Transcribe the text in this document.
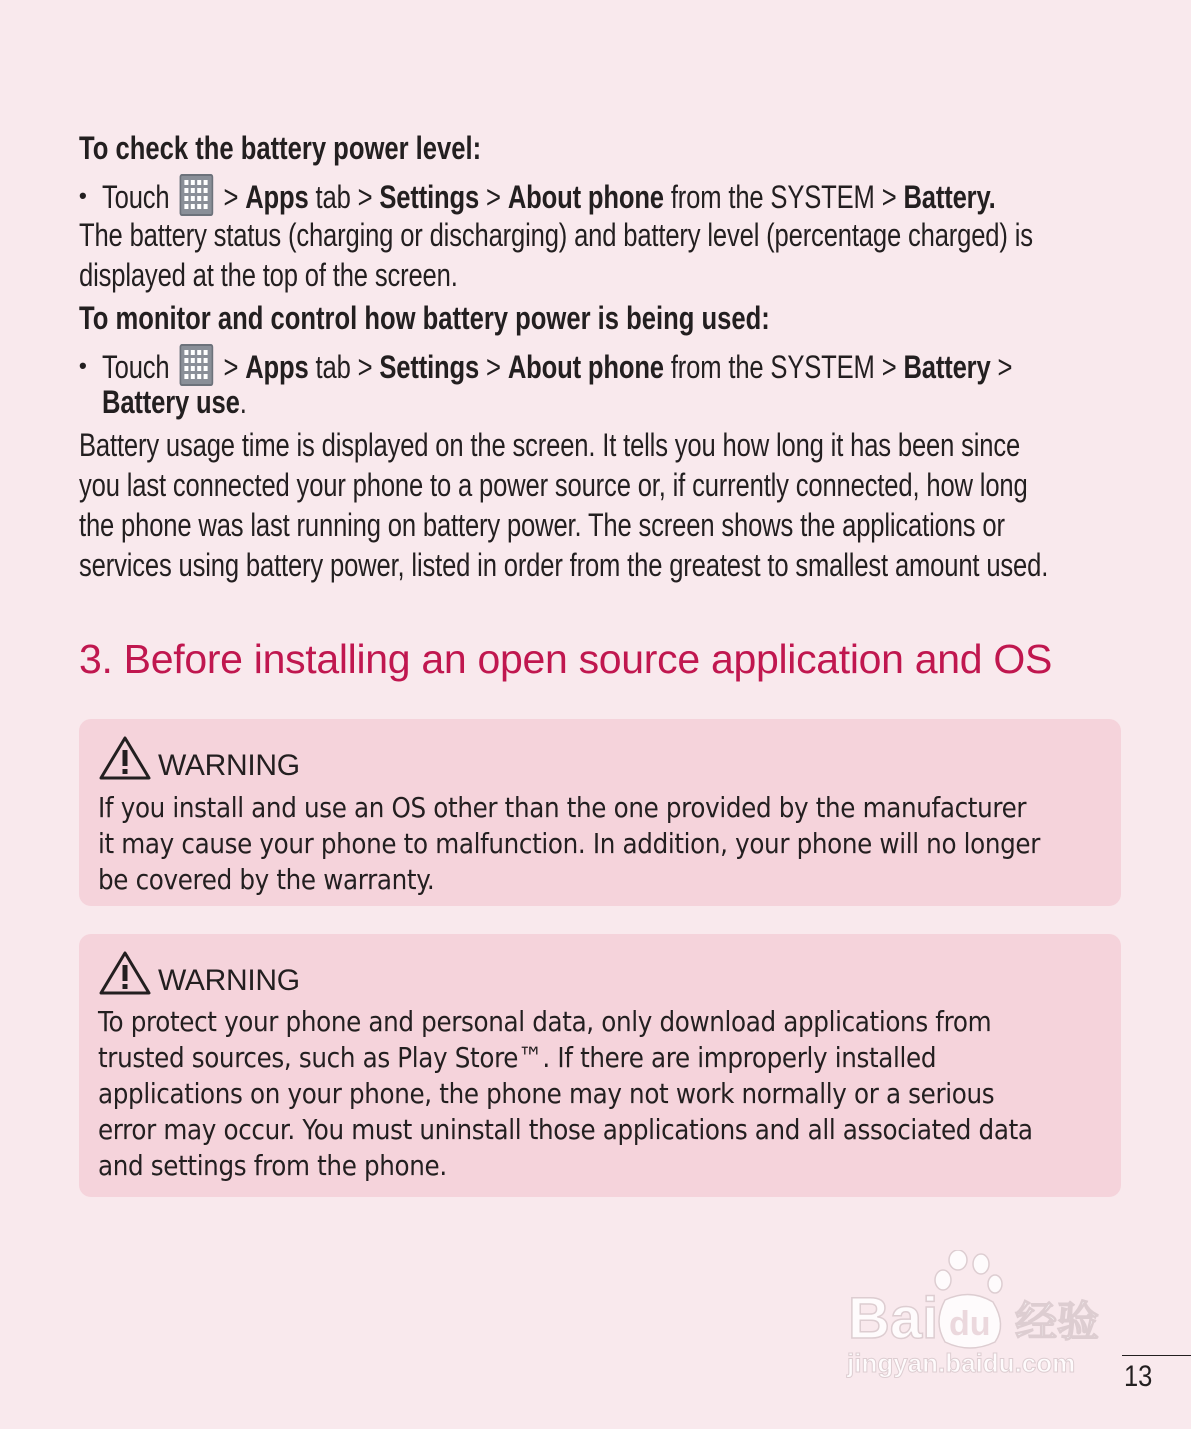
To check the battery power level:
• Touch > Apps tab > Settings > About phone from the SYSTEM > Battery.
The battery status (charging or discharging) and battery level (percentage charged) is
displayed at the top of the screen.
To monitor and control how battery power is being used:
• Touch > Apps tab > Settings > About phone from the SYSTEM > Battery >
Battery use.
Battery usage time is displayed on the screen. It tells you how long it has been since
you last connected your phone to a power source or, if currently connected, how long
the phone was last running on battery power. The screen shows the applications or
services using battery power, listed in order from the greatest to smallest amount used.
3. Before installing an open source application and OS
WARNING
If you install and use an OS other than the one provided by the manufacturer
it may cause your phone to malfunction. In addition, your phone will no longer
be covered by the warranty.
WARNING
To protect your phone and personal data, only download applications from
trusted sources, such as Play Store™. If there are improperly installed
applications on your phone, the phone may not work normally or a serious
error may occur. You must uninstall those applications and all associated data
and settings from the phone.
Bai du 经验
jingyan.baidu.com 13
